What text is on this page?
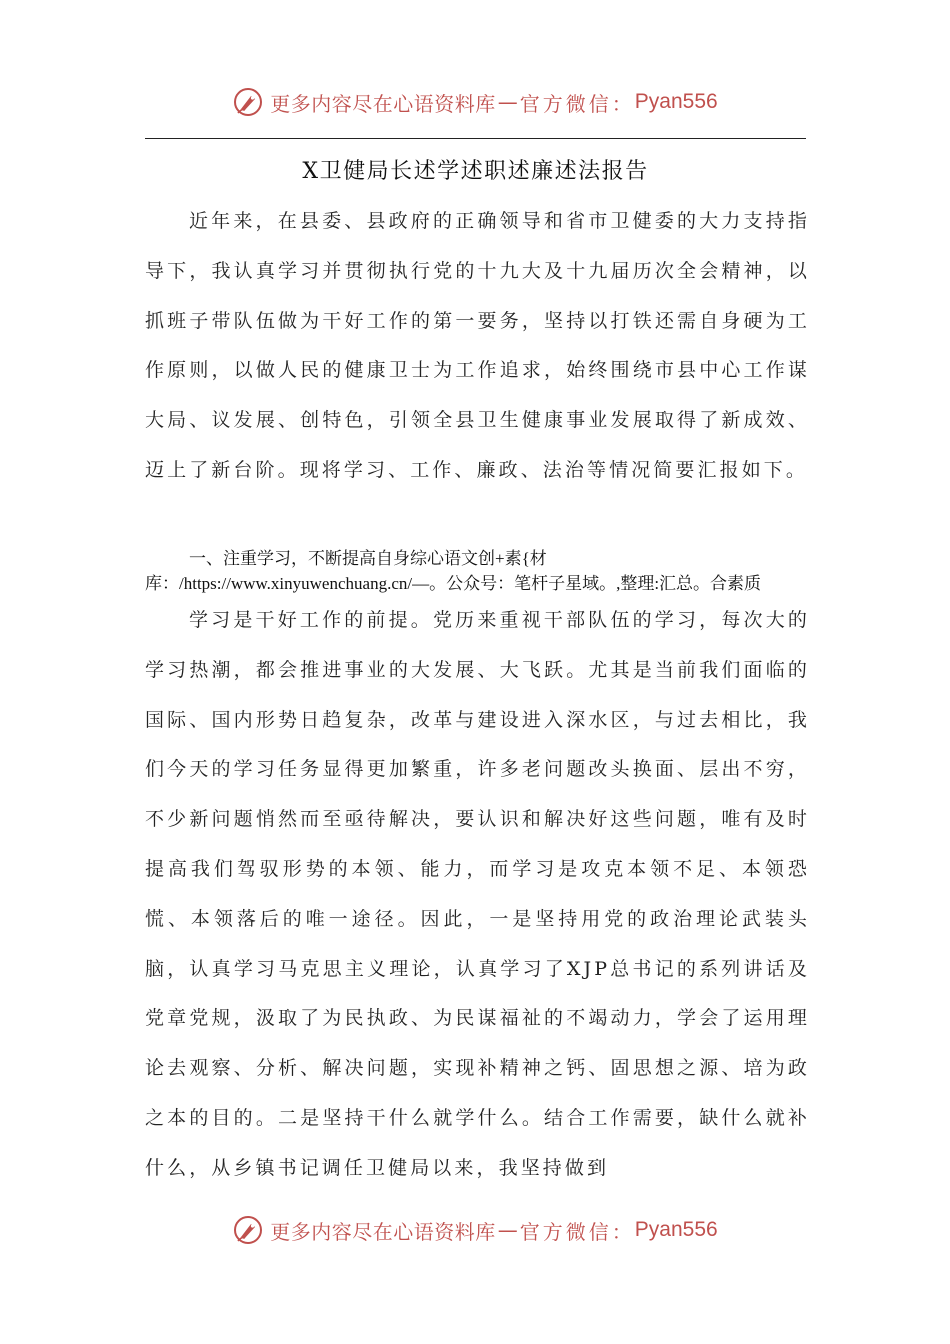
更多内容尽在心语资料库 — 官方微信： Pyan556
X卫健局长述学述职述廉述法报告

近年来，在县委、县政府的正确领导和省市卫健委的大力支持指导下，我认真学习并贯彻执行党的十九大及十九届历次全会精神，以抓班子带队伍做为干好工作的第一要务，坚持以打铁还需自身硬为工作原则，以做人民的健康卫士为工作追求，始终围绕市县中心工作谋大局、议发展、创特色，引领全县卫生健康事业发展取得了新成效、迈上了新台阶。现将学习、工作、廉政、法治等情况简要汇报如下。

一、注重学习，不断提高自身综心语文创+素{材库：/https://www.xinyuwenchuang.cn/—。公众号：笔杆子星域。,整理:汇总。合素质

学习是干好工作的前提。党历来重视干部队伍的学习，每次大的学习热潮，都会推进事业的大发展、大飞跃。尤其是当前我们面临的国际、国内形势日趋复杂，改革与建设进入深水区，与过去相比，我们今天的学习任务显得更加繁重，许多老问题改头换面、层出不穷，不少新问题悄然而至亟待解决，要认识和解决好这些问题，唯有及时提高我们驾驭形势的本领、能力，而学习是攻克本领不足、本领恐慌、本领落后的唯一途径。因此，一是坚持用党的政治理论武装头脑，认真学习马克思主义理论，认真学习了XJP总书记的系列讲话及党章党规，汲取了为民执政、为民谋福祉的不竭动力，学会了运用理论去观察、分析、解决问题，实现补精神之钙、固思想之源、培为政之本的目的。二是坚持干什么就学什么。结合工作需要，缺什么就补什么，从乡镇书记调任卫健局以来，我坚持做到

更多内容尽在心语资料库 — 官方微信： Pyan556
